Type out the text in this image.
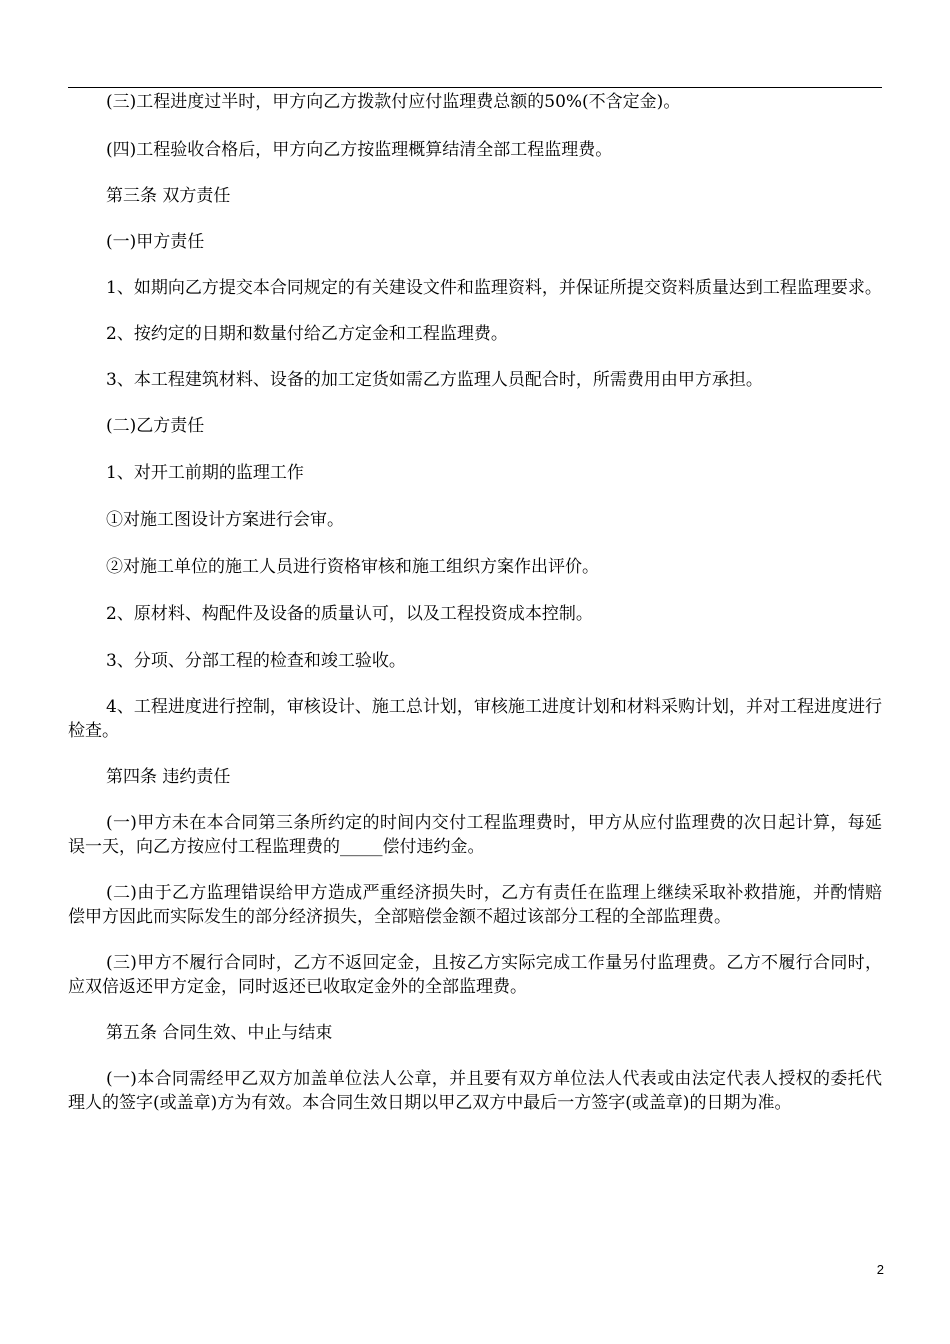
(三)工程进度过半时，甲方向乙方拨款付应付监理费总额的50%(不含定金)。

(四)工程验收合格后，甲方向乙方按监理概算结清全部工程监理费。

第三条 双方责任

(一)甲方责任

1、如期向乙方提交本合同规定的有关建设文件和监理资料，并保证所提交资料质量达到工程监理要求。

2、按约定的日期和数量付给乙方定金和工程监理费。

3、本工程建筑材料、设备的加工定货如需乙方监理人员配合时，所需费用由甲方承担。

(二)乙方责任

1、对开工前期的监理工作

①对施工图设计方案进行会审。

②对施工单位的施工人员进行资格审核和施工组织方案作出评价。

2、原材料、构配件及设备的质量认可，以及工程投资成本控制。

3、分项、分部工程的检查和竣工验收。

4、工程进度进行控制，审核设计、施工总计划，审核施工进度计划和材料采购计划，并对工程进度进行检查。

第四条 违约责任

(一)甲方未在本合同第三条所约定的时间内交付工程监理费时，甲方从应付监理费的次日起计算，每延误一天，向乙方按应付工程监理费的_____偿付违约金。

(二)由于乙方监理错误给甲方造成严重经济损失时，乙方有责任在监理上继续采取补救措施，并酌情赔偿甲方因此而实际发生的部分经济损失，全部赔偿金额不超过该部分工程的全部监理费。

(三)甲方不履行合同时，乙方不返回定金，且按乙方实际完成工作量另付监理费。乙方不履行合同时，应双倍返还甲方定金，同时返还已收取定金外的全部监理费。

第五条 合同生效、中止与结束

(一)本合同需经甲乙双方加盖单位法人公章，并且要有双方单位法人代表或由法定代表人授权的委托代理人的签字(或盖章)方为有效。本合同生效日期以甲乙双方中最后一方签字(或盖章)的日期为准。

2
